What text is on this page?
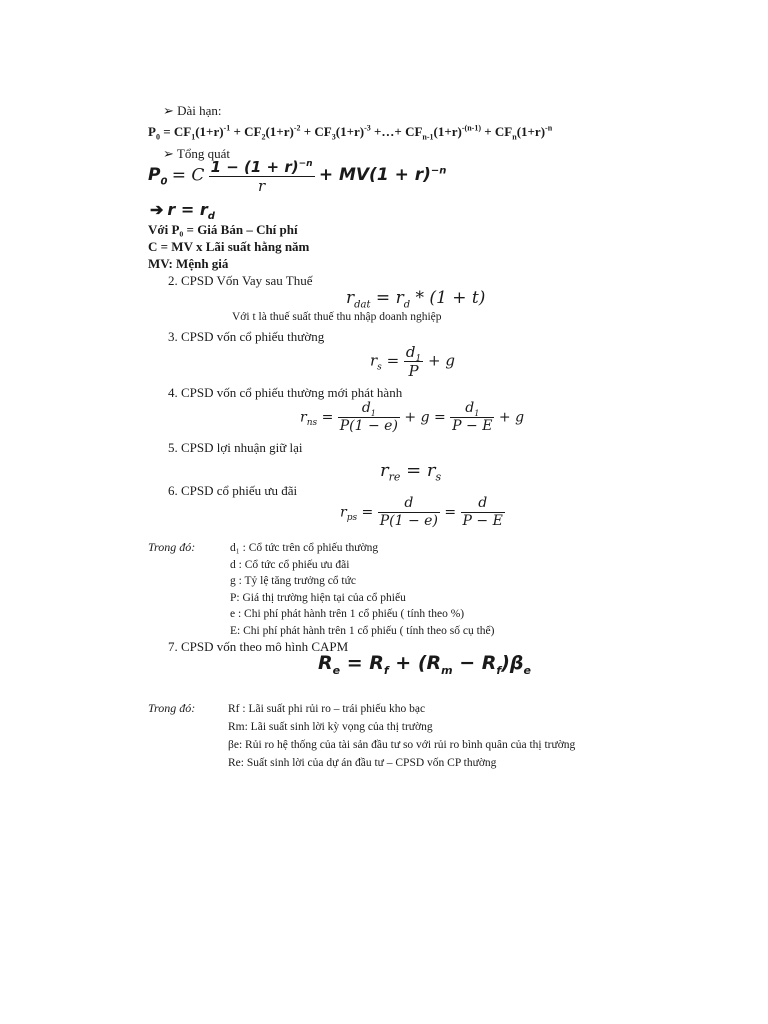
➢ Dài hạn:
$P_0 = CF_1(1+r)^{-1} + CF_2(1+r)^{-2} + CF_3(1+r)^{-3}$ +…+ $CF_{n-1}(1+r)^{-(n-1)} + CF_n(1+r)^{-n}$
➢ Tổng quát
$P_0 = C \frac{1 - (1 + r)^{-n}}{r} + MV(1 + r)^{-n}$
➔ $r = r_d$
Với P₀ = Giá Bán – Chí phí
C = MV x Lãi suất hằng năm
MV: Mệnh giá
2. CPSD Vốn Vay sau Thuế
$r_{dat} = r_d * (1 + t)$
Với t là thuế suất thuế thu nhập doanh nghiệp
3. CPSD vốn cổ phiếu thường
$r_s = \frac{d_1}{P} + g$
4. CPSD vốn cổ phiếu thường mới phát hành
$r_{ns} = \frac{d_1}{P(1 - e)} + g = \frac{d_1}{P - E} + g$
5. CPSD lợi nhuận giữ lại
$r_{re} = r_s$
6. CPSD cổ phiếu ưu đãi
$r_{ps} = \frac{d}{P(1 - e)} = \frac{d}{P - E}$
Trong đó:	d₁ : Cổ tức trên cổ phiếu thường
d : Cổ tức cổ phiếu ưu đãi
g : Tỷ lệ tăng trưởng cổ tức
P: Giá thị trường hiện tại của cổ phiếu
e : Chi phí phát hành trên 1 cổ phiếu ( tính theo %)
E: Chi phí phát hành trên 1 cổ phiếu ( tính theo số cụ thể)
7. CPSD vốn theo mô hình CAPM
$R_e = R_f + (R_m - R_f)\beta_e$
Trong đó:	Rf : Lãi suất phi rủi ro – trái phiếu kho bạc
Rm: Lãi suất sinh lời kỳ vọng của thị trường
βe: Rủi ro hệ thống của tài sản đầu tư so với rủi ro bình quân của thị trường
Re: Suất sinh lời của dự án đầu tư – CPSD vốn CP thường
